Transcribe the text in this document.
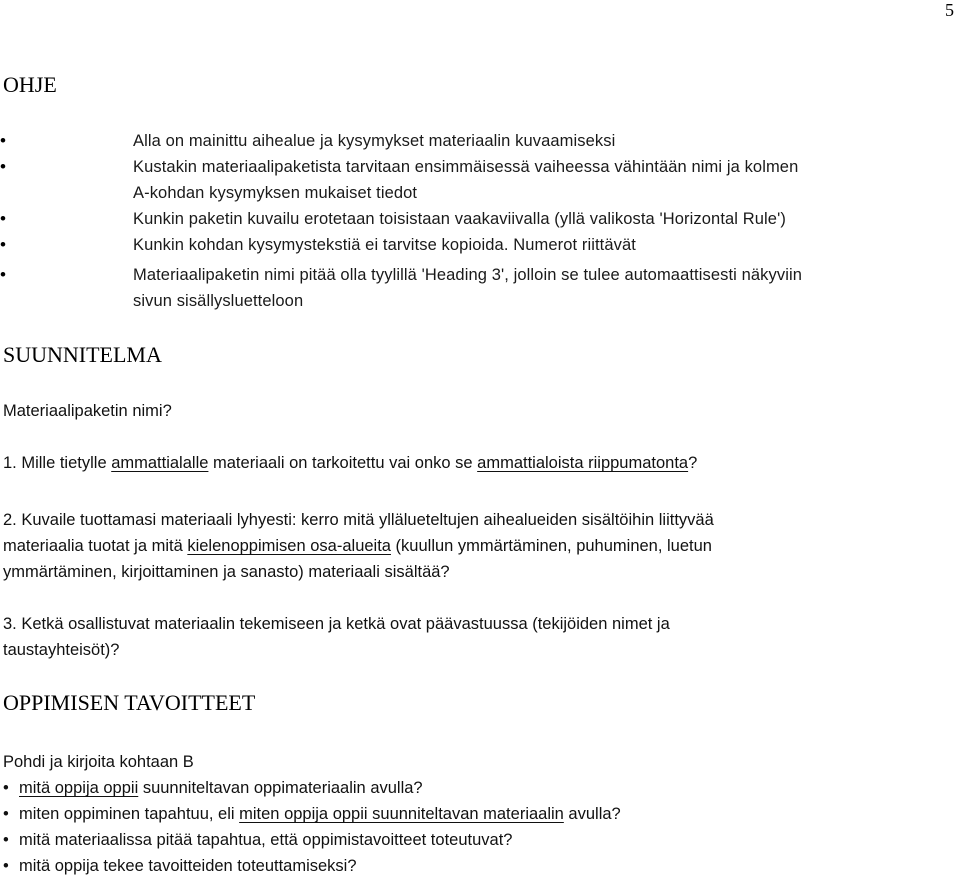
5
OHJE
•	Alla on mainittu aihealue ja kysymykset materiaalin kuvaamiseksi
•	Kustakin materiaalipaketista tarvitaan ensimmäisessä vaiheessa vähintään nimi ja kolmen
A-kohdan kysymyksen mukaiset tiedot
•	Kunkin paketin kuvailu erotetaan toisistaan vaakaviivalla (yllä valikosta 'Horizontal Rule')
•	Kunkin kohdan kysymystekstiä ei tarvitse kopioida. Numerot riittävät
•	Materiaalipaketin nimi pitää olla tyylillä 'Heading 3', jolloin se tulee automaattisesti näkyviin
sivun sisällysluetteloon
SUUNNITELMA
Materiaalipaketin nimi?
1. Mille tietylle ammattialalle materiaali on tarkoitettu vai onko se ammattialoista riippumatonta?
2. Kuvaile tuottamasi materiaali lyhyesti: kerro mitä yllälueteltujen aihealueiden sisältöihin liittyvää
materiaalia tuotat ja mitä kielenoppimisen osa-alueita (kuullun ymmärtäminen, puhuminen, luetun
ymmärtäminen, kirjoittaminen ja sanasto) materiaali sisältää?
3. Ketkä osallistuvat materiaalin tekemiseen ja ketkä ovat päävastuussa (tekijöiden nimet ja
taustayhteisöt)?
OPPIMISEN TAVOITTEET
Pohdi ja kirjoita kohtaan B
• mitä oppija oppii suunniteltavan oppimateriaalin avulla?
• miten oppiminen tapahtuu, eli miten oppija oppii suunniteltavan materiaalin avulla?
• mitä materiaalissa pitää tapahtua, että oppimistavoitteet toteutuvat?
• mitä oppija tekee tavoitteiden toteuttamiseksi?
